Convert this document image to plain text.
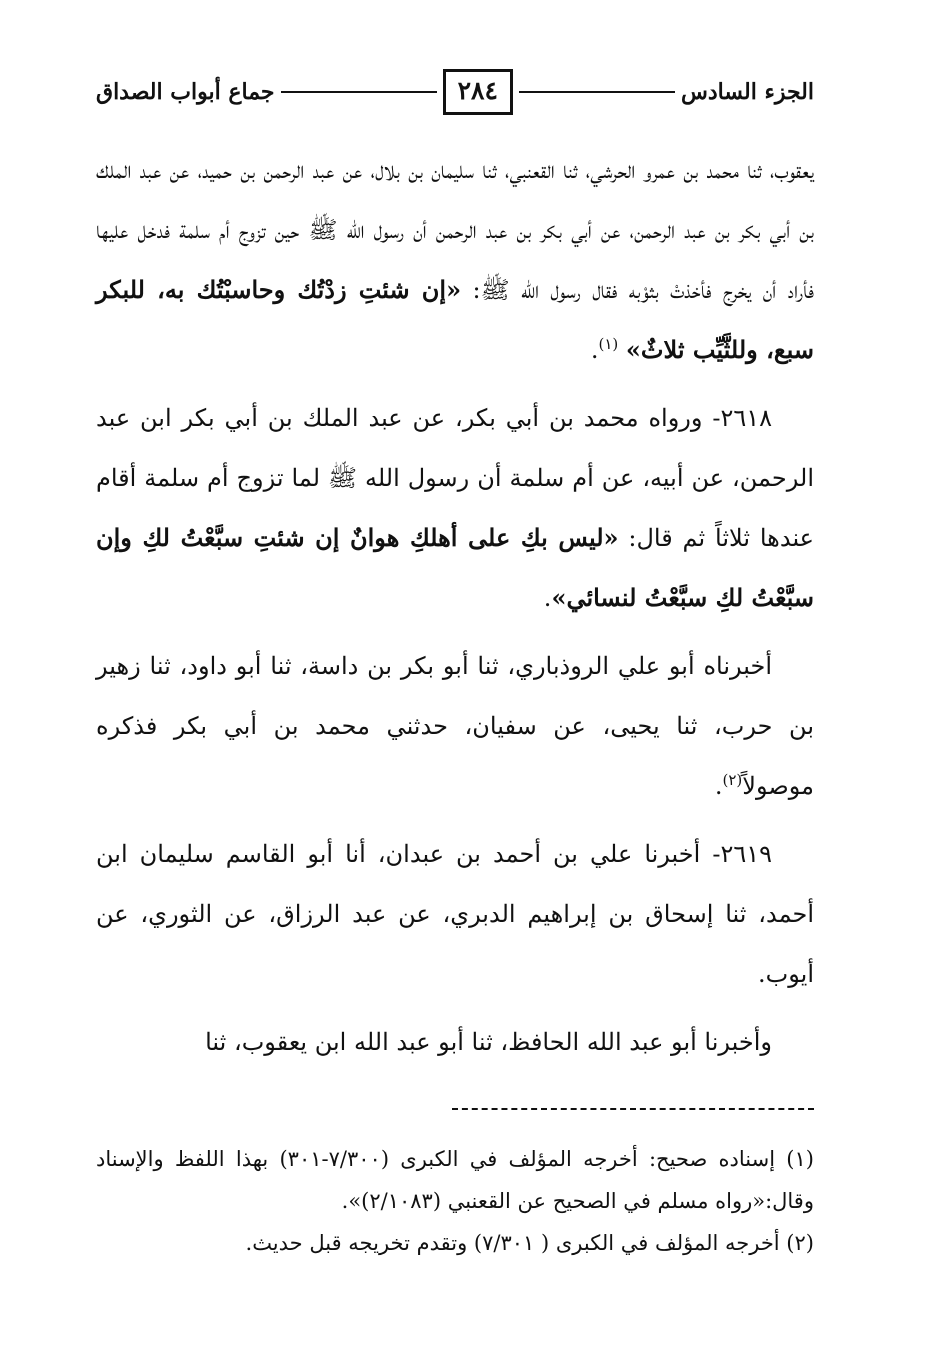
الجزء السادس
٢٨٤
جماع أبواب الصداق

يعقوب، ثنا محمد بن عمرو الحرشي، ثنا القعنبي، ثنا سليمان بن بلال، عن عبد الرحمن بن حميد، عن عبد الملك بن أبي بكر بن عبد الرحمن، عن أبي بكر بن عبد الرحمن أن رسول الله ﷺ حين تزوج أم سلمة فدخل عليها فأراد أن يخرج فأخذتْ بثوْبه فقال رسول الله ﷺ: «إن شئتِ زدْتُك وحاسبْتُك به، للبكر سبع، وللثَّيِّب ثلاثٌ» $^{(١)}$.

٢٦١٨- ورواه محمد بن أبي بكر، عن عبد الملك بن أبي بكر ابن عبد الرحمن، عن أبيه، عن أم سلمة أن رسول الله ﷺ لما تزوج أم سلمة أقام عندها ثلاثاً ثم قال: «ليس بكِ على أهلكِ هوانٌ إن شئتِ سبَّعْتُ لكِ وإن سبَّعْتُ لكِ سبَّعْتُ لنسائي».

أخبرناه أبو علي الروذباري، ثنا أبو بكر بن داسة، ثنا أبو داود، ثنا زهير بن حرب، ثنا يحيى، عن سفيان، حدثني محمد بن أبي بكر فذكره موصولاً$^{(٢)}$.

٢٦١٩- أخبرنا علي بن أحمد بن عبدان، أنا أبو القاسم سليمان ابن أحمد، ثنا إسحاق بن إبراهيم الدبري، عن عبد الرزاق، عن الثوري، عن أيوب.

وأخبرنا أبو عبد الله الحافظ، ثنا أبو عبد الله ابن يعقوب، ثنا

(١) إسناده صحيح: أخرجه المؤلف في الكبرى (٧/٣٠٠-٣٠١) بهذا اللفظ والإسناد وقال:«رواه مسلم في الصحيح عن القعنبي (٢/١٠٨٣)».

(٢) أخرجه المؤلف في الكبرى ( ٧/٣٠١) وتقدم تخريجه قبل حديث.
